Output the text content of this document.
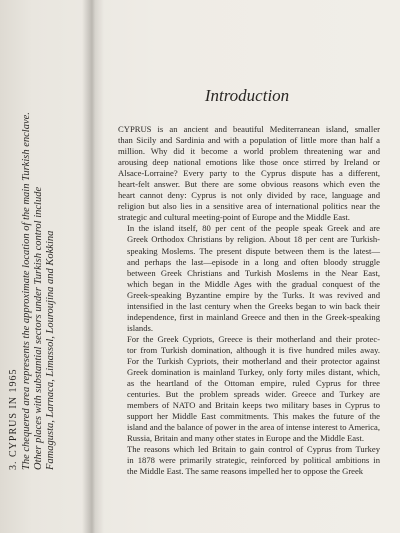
3. CYPRUS IN 1965 The chequered area represents the approximate location of the main Turkish enclave. Other places with substantial sectors under Turkish control include Famagusta, Larnaca, Limassol, Louroujina and Kokkina
Introduction

CYPRUS is an ancient and beautiful Mediterranean island, smaller
than Sicily and Sardinia and with a population of little more than half a
million. Why did it become a world problem threatening war and
arousing deep national emotions like those once stirred by Ireland or
Alsace-Lorraine? Every party to the Cyprus dispute has a different,
heart-felt answer. But there are some obvious reasons which even the
heart cannot deny: Cyprus is not only divided by race, language and
religion but also lies in a sensitive area of international politics near the
strategic and cultural meeting-point of Europe and the Middle East.

In the island itself, 80 per cent of the people speak Greek and are
Greek Orthodox Christians by religion. About 18 per cent are Turkish-
speaking Moslems. The present dispute between them is the latest—
and perhaps the last—episode in a long and often bloody struggle
between Greek Christians and Turkish Moslems in the Near East,
which began in the Middle Ages with the gradual conquest of the
Greek-speaking Byzantine empire by the Turks. It was revived and
intensified in the last century when the Greeks began to win back their
independence, first in mainland Greece and then in the Greek-speaking
islands.

For the Greek Cypriots, Greece is their motherland and their protec-
tor from Turkish domination, although it is five hundred miles away.
For the Turkish Cypriots, their motherland and their protector against
Greek domination is mainland Turkey, only forty miles distant, which,
as the heartland of the Ottoman empire, ruled Cyprus for three
centuries. But the problem spreads wider. Greece and Turkey are
members of NATO and Britain keeps two military bases in Cyprus to
support her Middle East commitments. This makes the future of the
island and the balance of power in the area of intense interest to America,
Russia, Britain and many other states in Europe and the Middle East.

The reasons which led Britain to gain control of Cyprus from Turkey
in 1878 were primarily strategic, reinforced by political ambitions in
the Middle East. The same reasons impelled her to oppose the Greek
